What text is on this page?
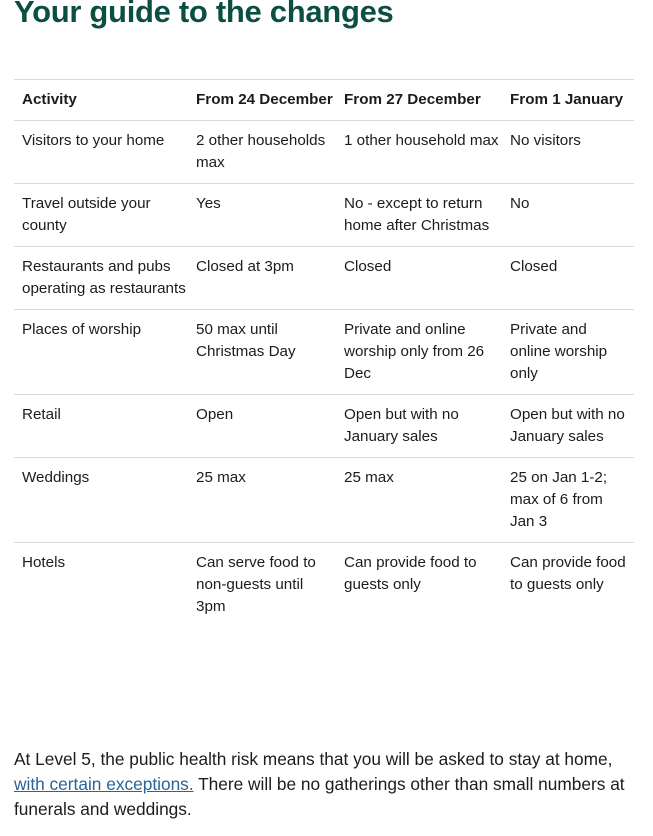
Your guide to the changes
Activity	From 24 December	From 27 December	From 1 January
Visitors to your home	2 other households max	1 other household max	No visitors
Travel outside your county	Yes	No - except to return home after Christmas	No
Restaurants and pubs operating as restaurants	Closed at 3pm	Closed	Closed
Places of worship	50 max until Christmas Day	Private and online worship only from 26 Dec	Private and online worship only
Retail	Open	Open but with no January sales	Open but with no January sales
Weddings	25 max	25 max	25 on Jan 1-2; max of 6 from Jan 3
Hotels	Can serve food to non-guests until 3pm	Can provide food to guests only	Can provide food to guests only

At Level 5, the public health risk means that you will be asked to stay at home, with certain exceptions. There will be no gatherings other than small numbers at funerals and weddings.
